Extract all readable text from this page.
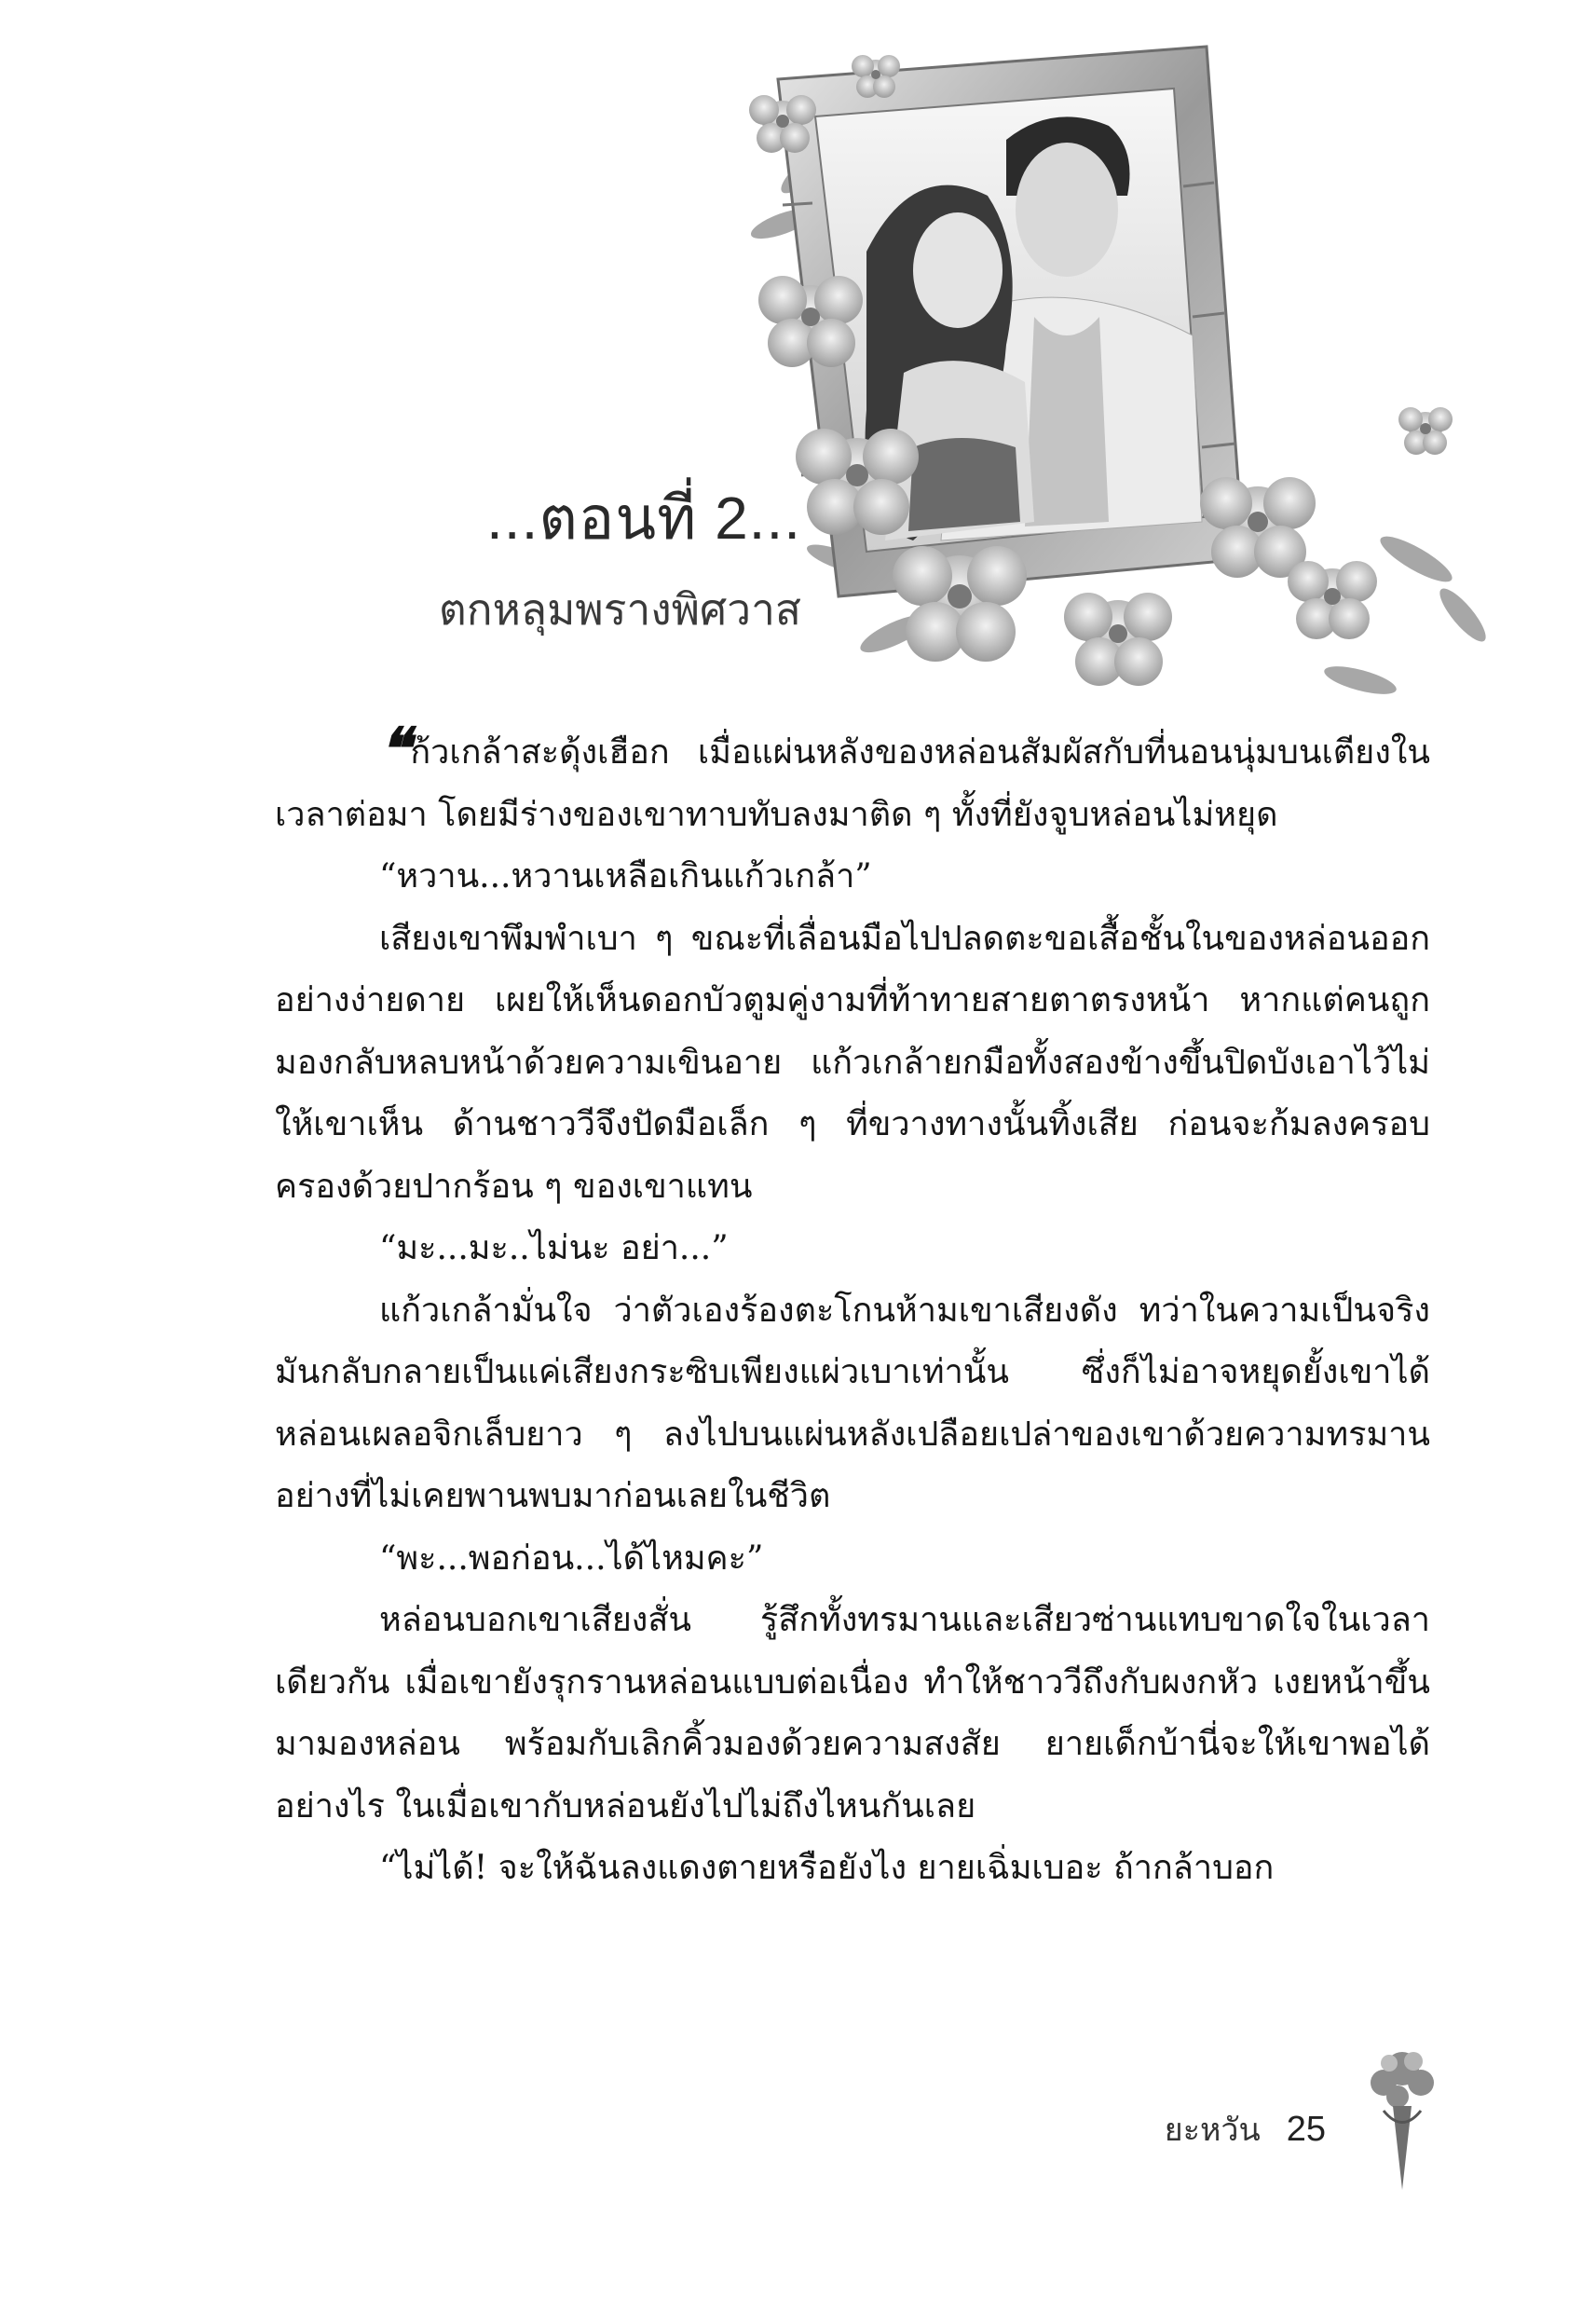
...ตอนที่ 2...
ตกหลุมพรางพิศวาส

❝ ก้วเกล้าสะดุ้งเฮือก เมื่อแผ่นหลังของหล่อนสัมผัสกับที่นอนนุ่มบนเตียงในเวลาต่อมา โดยมีร่างของเขาทาบทับลงมาติด ๆ ทั้งที่ยังจูบหล่อนไม่หยุด

“หวาน...หวานเหลือเกินแก้วเกล้า”

เสียงเขาพึมพำเบา ๆ ขณะที่เลื่อนมือไปปลดตะขอเสื้อชั้นในของหล่อนออกอย่างง่ายดาย เผยให้เห็นดอกบัวตูมคู่งามที่ท้าทายสายตาตรงหน้า หากแต่คนถูกมองกลับหลบหน้าด้วยความเขินอาย แก้วเกล้ายกมือทั้งสองข้างขึ้นปิดบังเอาไว้ไม่ให้เขาเห็น ด้านชาววีจึงปัดมือเล็ก ๆ ที่ขวางทางนั้นทิ้งเสีย ก่อนจะก้มลงครอบครองด้วยปากร้อน ๆ ของเขาแทน

“มะ...มะ..ไม่นะ อย่า...”

แก้วเกล้ามั่นใจ ว่าตัวเองร้องตะโกนห้ามเขาเสียงดัง ทว่าในความเป็นจริง มันกลับกลายเป็นแค่เสียงกระซิบเพียงแผ่วเบาเท่านั้น ซึ่งก็ไม่อาจหยุดยั้งเขาได้ หล่อนเผลอจิกเล็บยาว ๆ ลงไปบนแผ่นหลังเปลือยเปล่าของเขาด้วยความทรมาน อย่างที่ไม่เคยพานพบมาก่อนเลยในชีวิต

“พะ...พอก่อน...ได้ไหมคะ”

หล่อนบอกเขาเสียงสั่น รู้สึกทั้งทรมานและเสียวซ่านแทบขาดใจในเวลาเดียวกัน เมื่อเขายังรุกรานหล่อนแบบต่อเนื่อง ทำให้ชาววีถึงกับผงกหัว เงยหน้าขึ้นมามองหล่อน พร้อมกับเลิกคิ้วมองด้วยความสงสัย ยายเด็กบ้านี่จะให้เขาพอได้อย่างไร ในเมื่อเขากับหล่อนยังไปไม่ถึงไหนกันเลย

“ไม่ได้! จะให้ฉันลงแดงตายหรือยังไง ยายเฉิ่มเบอะ ถ้ากล้าบอก

ยะหวัน 25
